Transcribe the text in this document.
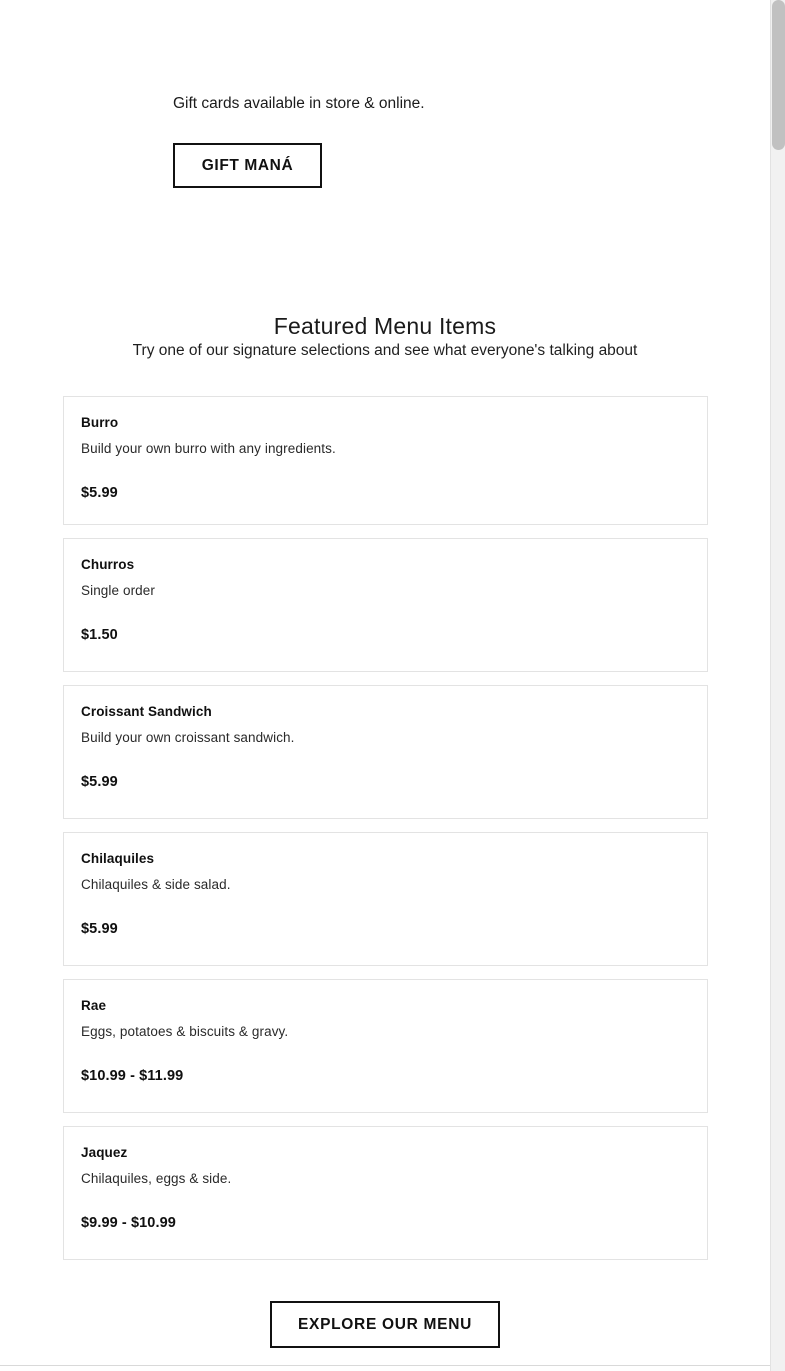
Gift cards available in store & online.
GIFT MANÁ
Featured Menu Items
Try one of our signature selections and see what everyone's talking about
Burro
Build your own burro with any ingredients.
$5.99
Churros
Single order
$1.50
Croissant Sandwich
Build your own croissant sandwich.
$5.99
Chilaquiles
Chilaquiles & side salad.
$5.99
Rae
Eggs, potatoes & biscuits & gravy.
$10.99 - $11.99
Jaquez
Chilaquiles, eggs & side.
$9.99 - $10.99
EXPLORE OUR MENU
